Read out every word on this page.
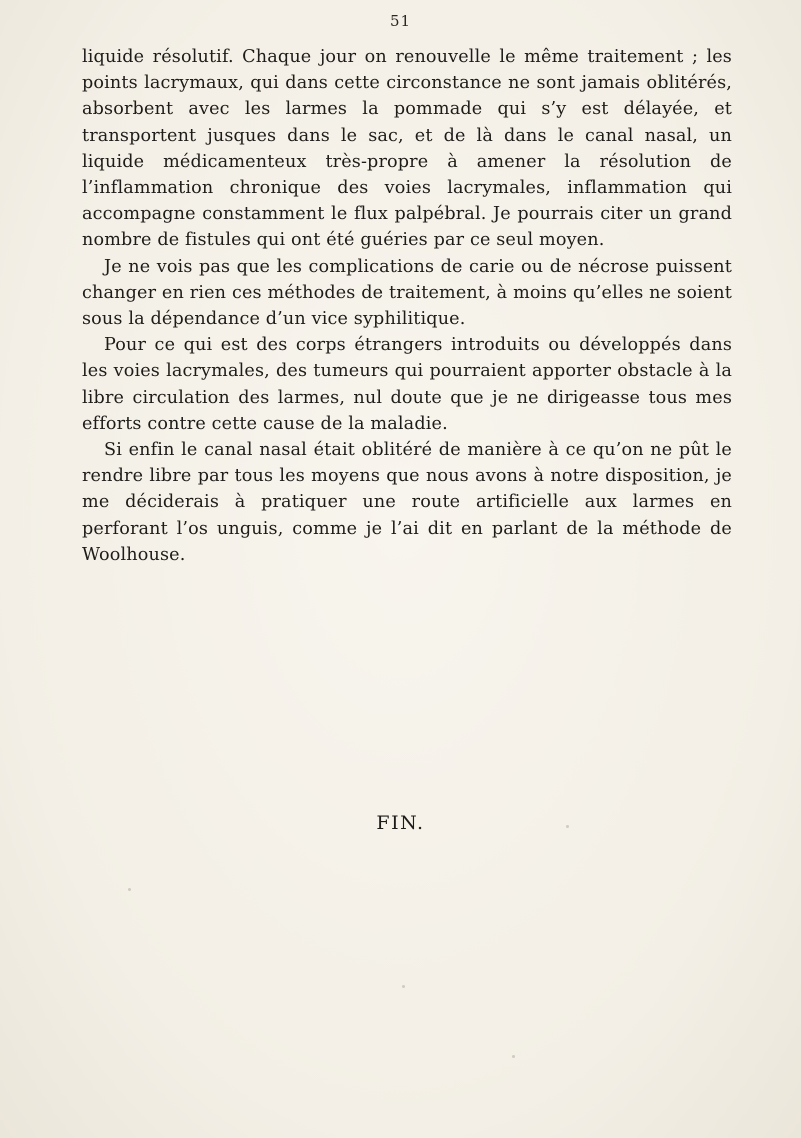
51

liquide résolutif. Chaque jour on renouvelle le même traitement ; les points lacrymaux, qui dans cette circonstance ne sont jamais oblitérés, absorbent avec les larmes la pommade qui s’y est délayée, et transportent jusques dans le sac, et de là dans le canal nasal, un liquide médicamenteux très-propre à amener la résolution de l’inflammation chronique des voies lacrymales, inflammation qui accompagne constamment le flux palpébral. Je pourrais citer un grand nombre de fistules qui ont été guéries par ce seul moyen.

Je ne vois pas que les complications de carie ou de nécrose puissent changer en rien ces méthodes de traitement, à moins qu’elles ne soient sous la dépendance d’un vice syphilitique.

Pour ce qui est des corps étrangers introduits ou développés dans les voies lacrymales, des tumeurs qui pourraient apporter obstacle à la libre circulation des larmes, nul doute que je ne dirigeasse tous mes efforts contre cette cause de la maladie.

Si enfin le canal nasal était oblitéré de manière à ce qu’on ne pût le rendre libre par tous les moyens que nous avons à notre disposition, je me déciderais à pratiquer une route artificielle aux larmes en perforant l’os unguis, comme je l’ai dit en parlant de la méthode de Woolhouse.

FIN.
